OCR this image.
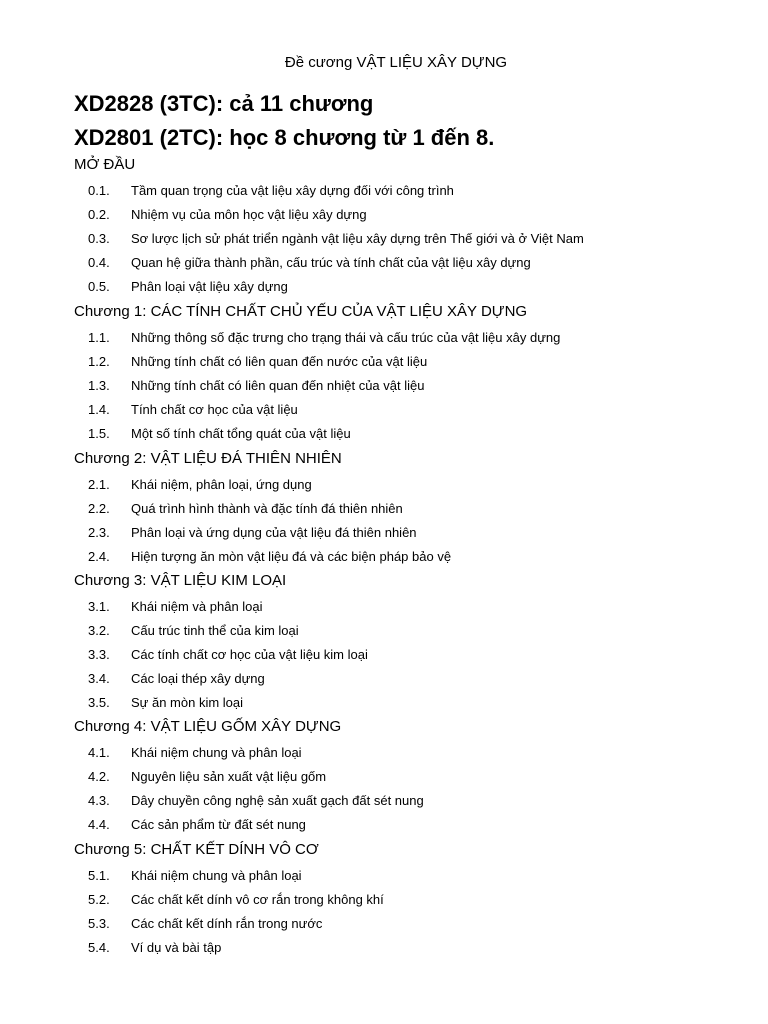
Đề cương VẬT LIỆU XÂY DỰNG
XD2828 (3TC): cả 11 chương
XD2801 (2TC): học 8 chương từ 1 đến 8.
MỞ ĐẦU
0.1. Tầm quan trọng của vật liệu xây dựng đối với công trình
0.2. Nhiệm vụ của môn học vật liệu xây dựng
0.3. Sơ lược lịch sử phát triển ngành vật liệu xây dựng trên Thế giới và ở Việt Nam
0.4. Quan hệ giữa thành phần, cấu trúc và tính chất của vật liệu xây dựng
0.5. Phân loại vật liệu xây dựng
Chương 1: CÁC TÍNH CHẤT CHỦ YẾU CỦA VẬT LIỆU XÂY DỰNG
1.1. Những thông số đặc trưng cho trạng thái và cấu trúc của vật liệu xây dựng
1.2. Những tính chất có liên quan đến nước của vật liệu
1.3. Những tính chất có liên quan đến nhiệt của vật liệu
1.4. Tính chất cơ học của vật liệu
1.5. Một số tính chất tổng quát của vật liệu
Chương 2: VẬT LIỆU ĐÁ THIÊN NHIÊN
2.1. Khái niệm, phân loại, ứng dụng
2.2. Quá trình hình thành và đặc tính đá thiên nhiên
2.3. Phân loại và ứng dụng của vật liệu đá thiên nhiên
2.4. Hiện tượng ăn mòn vật liệu đá và các biện pháp bảo vệ
Chương 3: VẬT LIỆU KIM LOẠI
3.1. Khái niệm và phân loại
3.2. Cấu trúc tinh thể của kim loại
3.3. Các tính chất cơ học của vật liệu kim loại
3.4. Các loại thép xây dựng
3.5. Sự ăn mòn kim loại
Chương 4: VẬT LIỆU GỐM XÂY DỰNG
4.1. Khái niệm chung và phân loại
4.2. Nguyên liệu sản xuất vật liệu gốm
4.3. Dây chuyền công nghệ sản xuất gạch đất sét nung
4.4. Các sản phẩm từ đất sét nung
Chương 5: CHẤT KẾT DÍNH VÔ CƠ
5.1. Khái niệm chung và phân loại
5.2. Các chất kết dính vô cơ rắn trong không khí
5.3. Các chất kết dính rắn trong nước
5.4. Ví dụ và bài tập
